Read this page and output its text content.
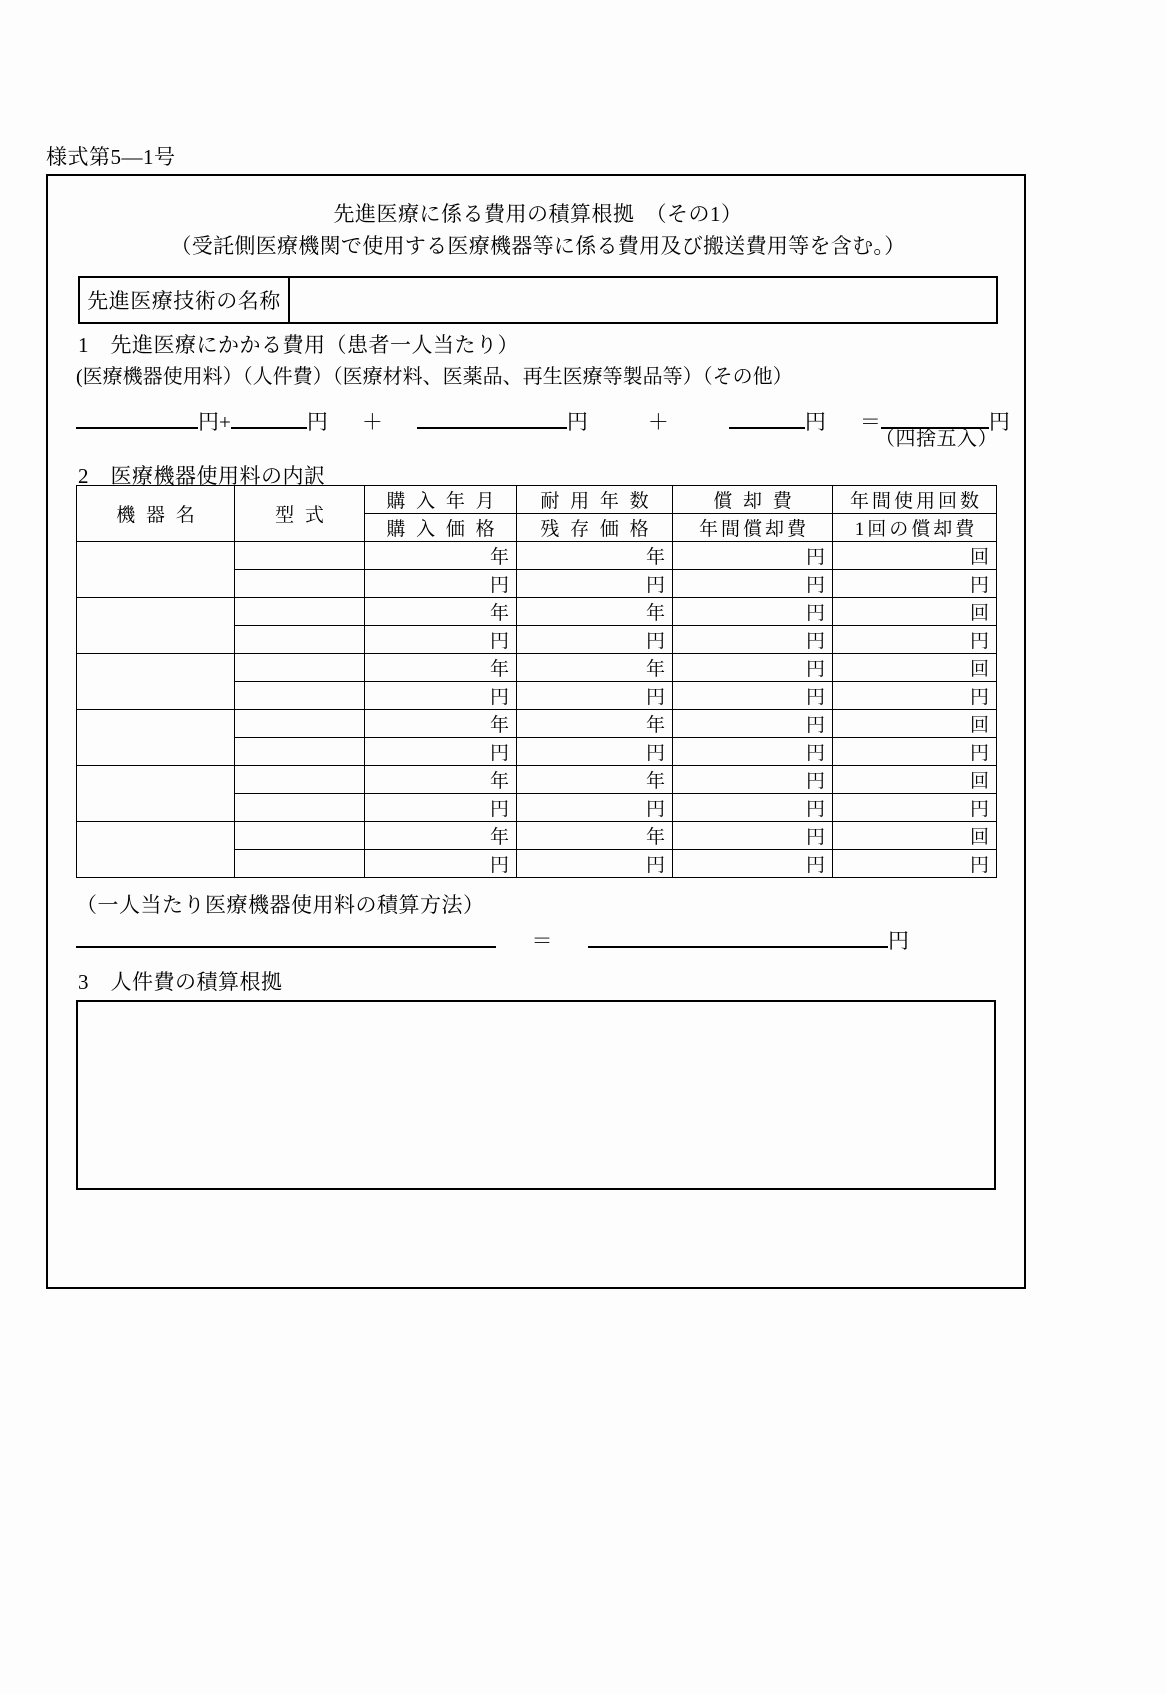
様式第5—1号
先進医療に係る費用の積算根拠　（その1）
（受託側医療機関で使用する医療機器等に係る費用及び搬送費用等を含む。）
先進医療技術の名称
1　先進医療にかかる費用（患者一人当たり）
(医療機器使用料）（人件費）（医療材料、医薬品、再生医療等製品等）（その他）
円+	円 ＋	円	＋	円 ＝	円
（四捨五入）
2　医療機器使用料の内訳
機 器 名	型 式	購 入 年 月	耐 用 年 数	償 却 費	年間使用回数
		購 入 価 格	残 存 価 格	年間償却費	1回の償却費
		年	年	円	回
		円	円	円	円
		年	年	円	回
		円	円	円	円
		年	年	円	回
		円	円	円	円
		年	年	円	回
		円	円	円	円
		年	年	円	回
		円	円	円	円
		年	年	円	回
		円	円	円	円
（一人当たり医療機器使用料の積算方法）
＝	円
3　人件費の積算根拠
